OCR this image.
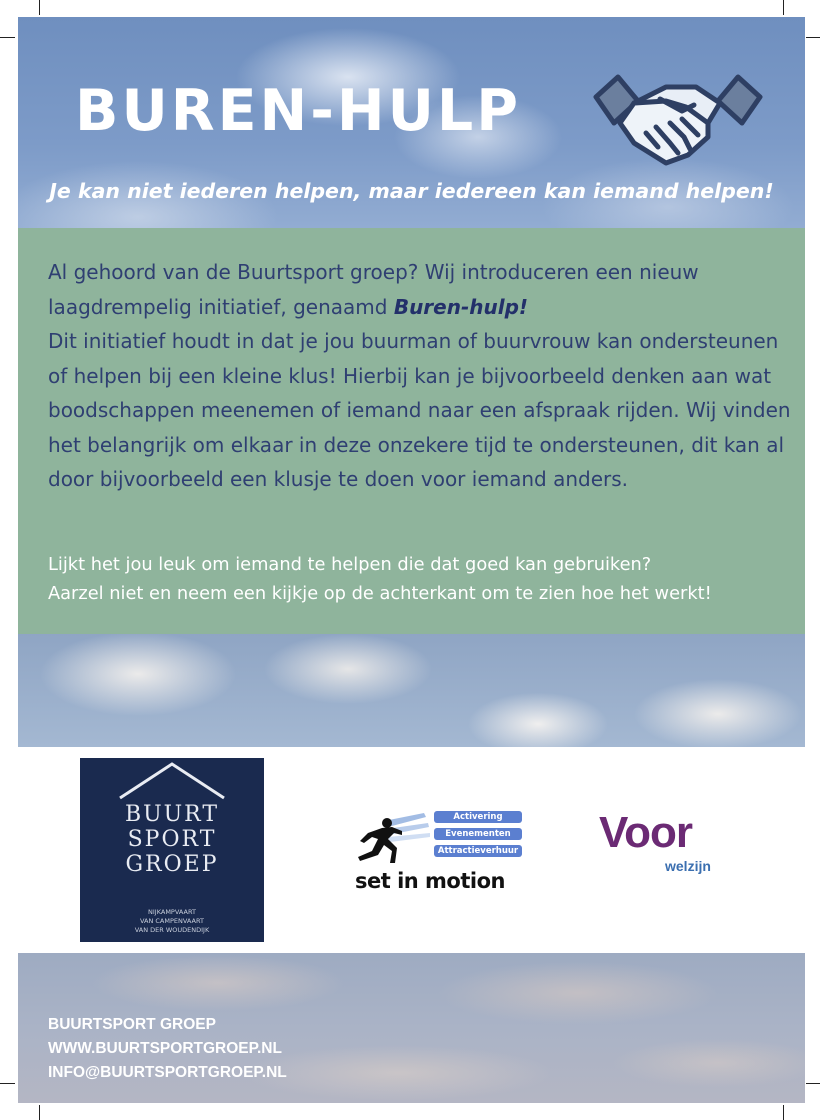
BUREN-HULP
Je kan niet iederen helpen, maar iedereen kan iemand helpen!

Al gehoord van de Buurtsport groep? Wij introduceren een nieuw laagdrempelig initiatief, genaamd Buren-hulp!
Dit initiatief houdt in dat je jou buurman of buurvrouw kan ondersteunen of helpen bij een kleine klus! Hierbij kan je bijvoorbeeld denken aan wat boodschappen meenemen of iemand naar een afspraak rijden. Wij vinden het belangrijk om elkaar in deze onzekere tijd te ondersteunen, dit kan al door bijvoorbeeld een klusje te doen voor iemand anders.

Lijkt het jou leuk om iemand te helpen die dat goed kan gebruiken?
Aarzel niet en neem een kijkje op de achterkant om te zien hoe het werkt!

BUURT
SPORT
GROEP
NIJKAMPVAART
VAN CAMPENVAART
VAN DER WOUDENDIJK
Activering
Evenementen
Attractieverhuur
set in motion
Voor
welzijn
BUURTSPORT GROEP
WWW.BUURTSPORTGROEP.NL
INFO@BUURTSPORTGROEP.NL
